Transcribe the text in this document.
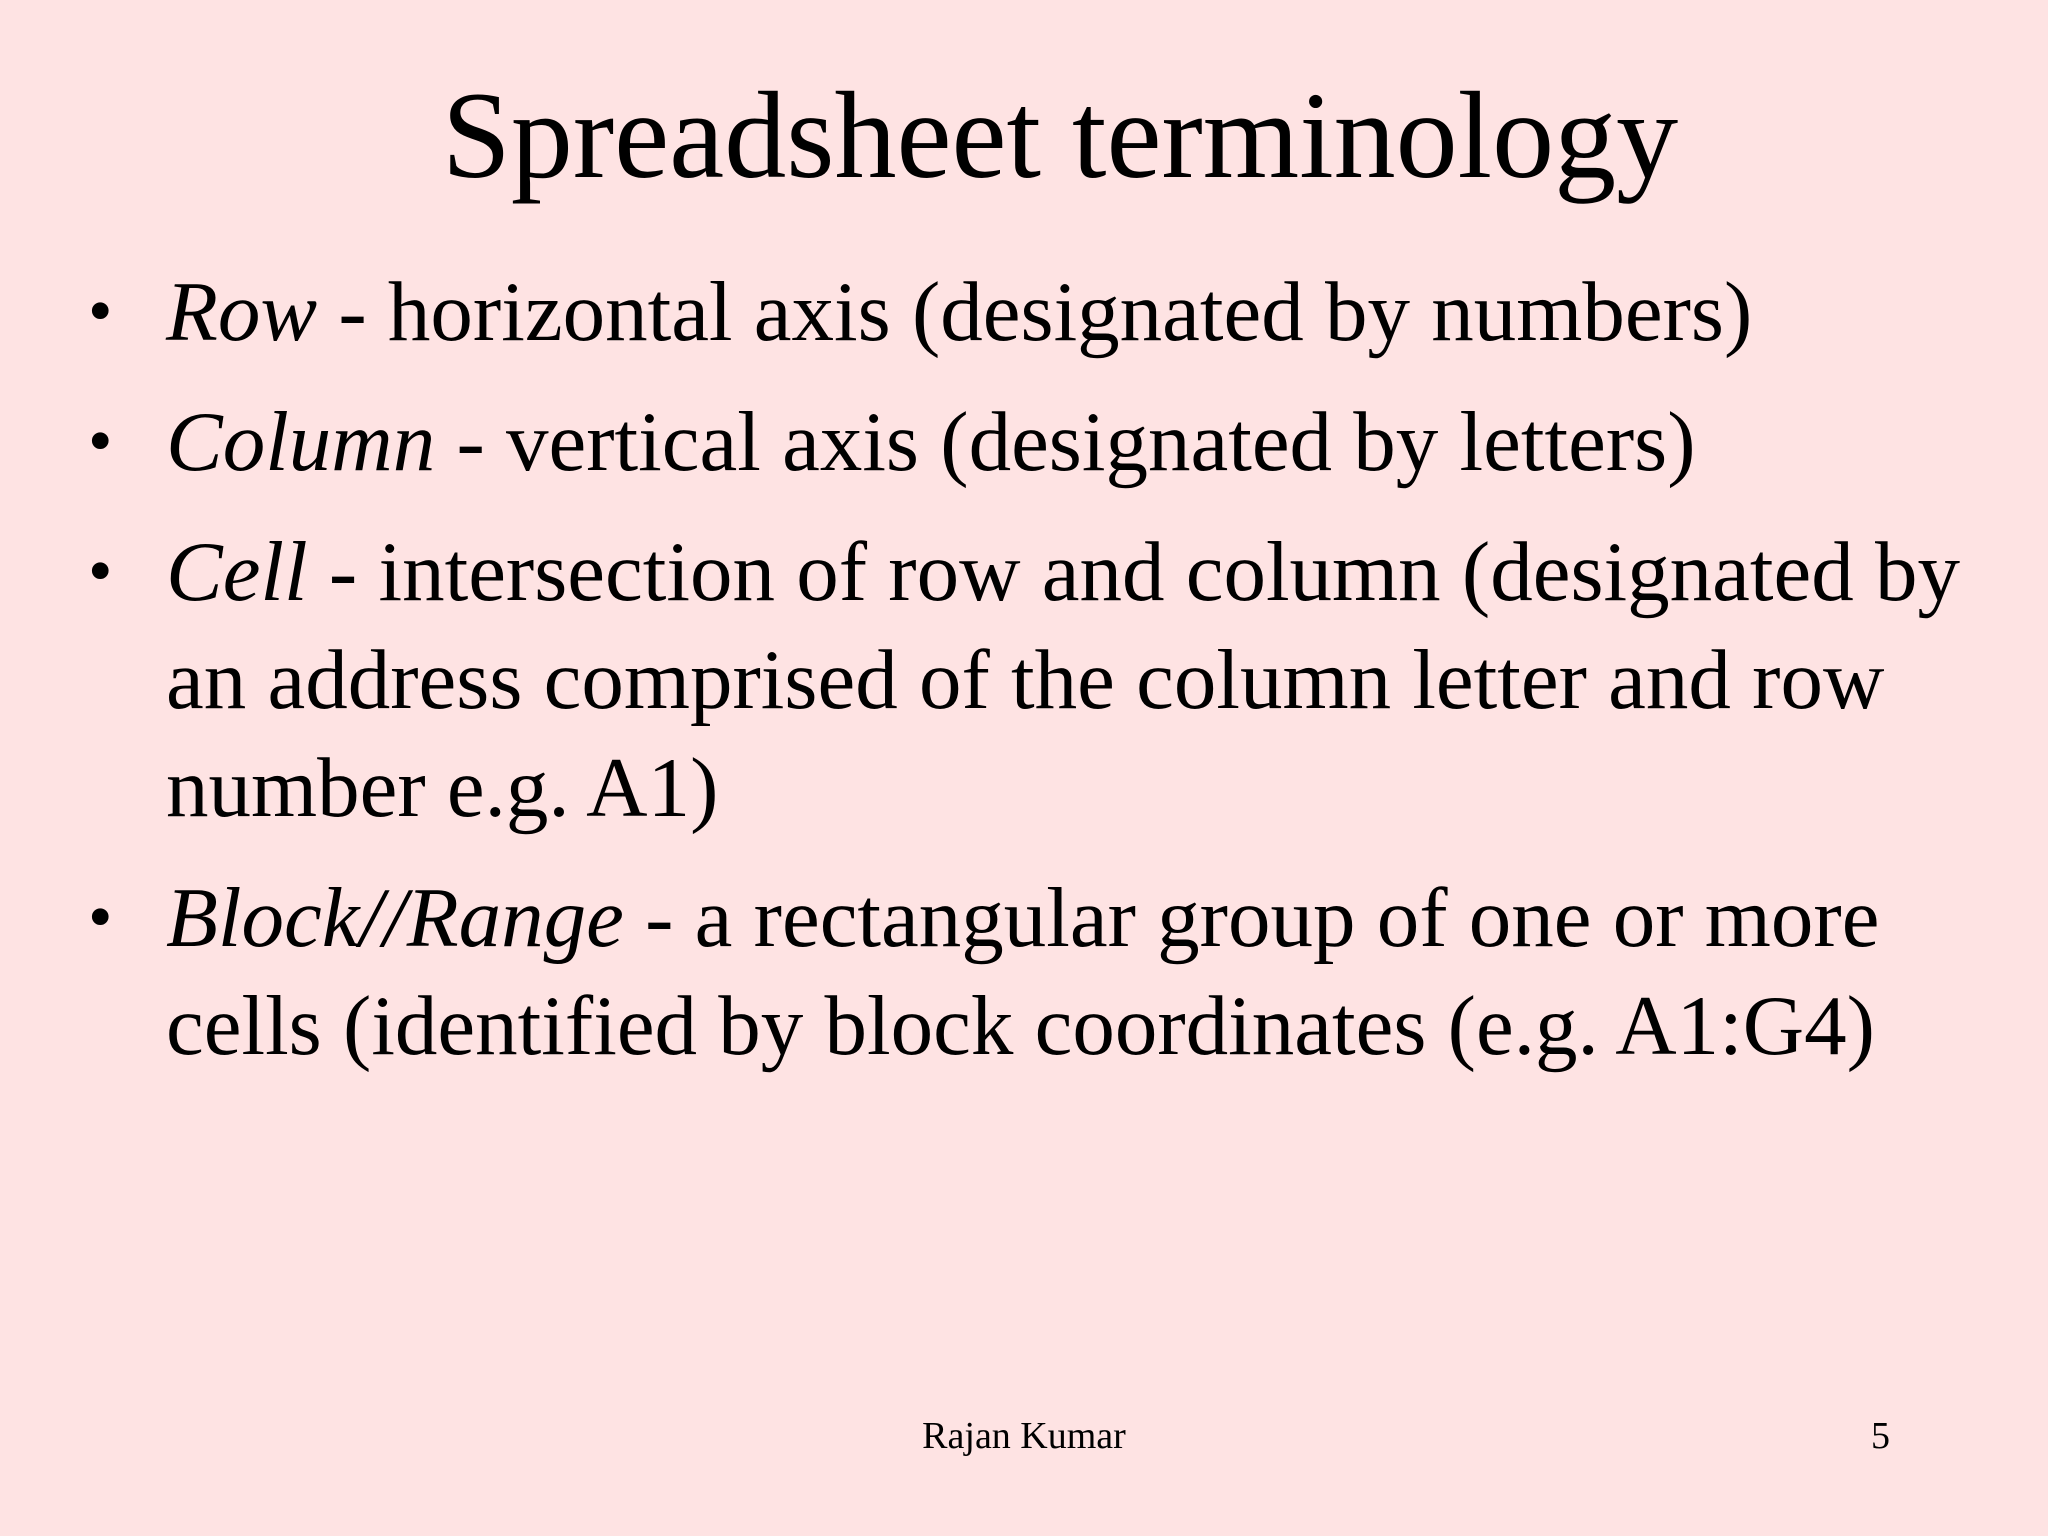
Spreadsheet terminology
• Row - horizontal axis (designated by numbers)
• Column - vertical axis (designated by letters)
• Cell - intersection of row and column (designated by an address comprised of the column letter and row number e.g. A1)
• Block//Range - a rectangular group of one or more cells (identified by block coordinates (e.g. A1:G4)
Rajan Kumar	5
